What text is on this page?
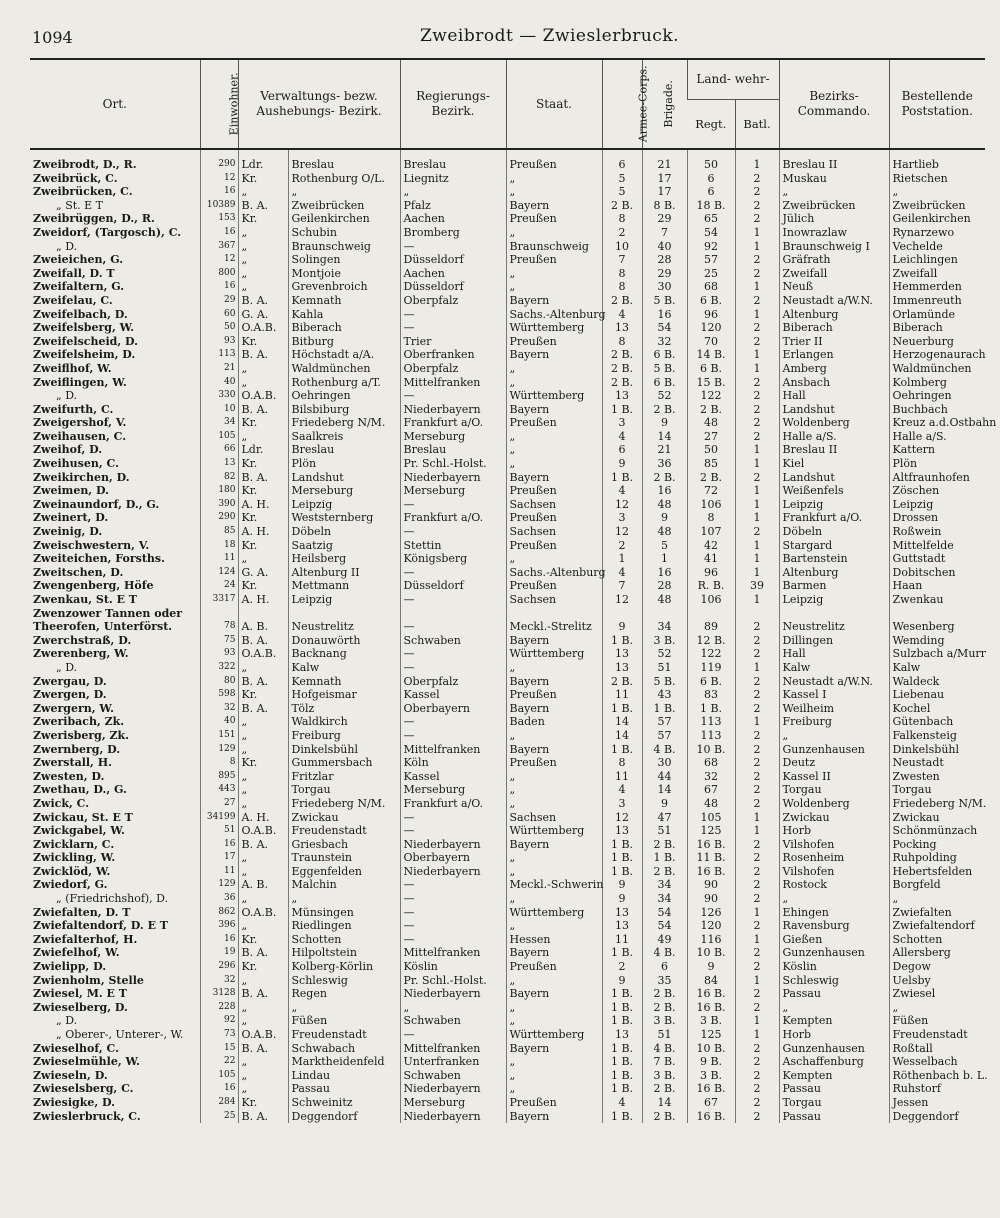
1094	Zweibrodt — Zwieslerbruck.
Ort.	Einwohner.	Verwaltungs- bezw. Aushebungs- Bezirk.		Regierungs- Bezirk.	Staat.	Armee-Corps.	Brigade.	Land- wehr-		Bezirks- Commando.	Bestellende Poststation.
								Regt.	Batl.		

Zweibrodt, D., R.	290	Ldr.	Breslau	Breslau	Preußen	6	21	50	1	Breslau II	Hartlieb
Zweibrück, C.	12	Kr.	Rothenburg O/L.	Liegnitz	„	5	17	6	2	Muskau	Rietschen
Zweibrücken, C.	16	„	„	„	„	5	17	6	2	„	„
„ St. E T	10389	B. A.	Zweibrücken	Pfalz	Bayern	2 B.	8 B.	18 B.	2	Zweibrücken	Zweibrücken
Zweibrüggen, D., R.	153	Kr.	Geilenkirchen	Aachen	Preußen	8	29	65	2	Jülich	Geilenkirchen
Zweidorf, (Targosch), C.	16	„	Schubin	Bromberg	„	2	7	54	1	Inowrazlaw	Rynarzewo
„ D.	367	„	Braunschweig	—	Braunschweig	10	40	92	1	Braunschweig I	Vechelde
Zweieichen, G.	12	„	Solingen	Düsseldorf	Preußen	7	28	57	2	Gräfrath	Leichlingen
Zweifall, D. T	800	„	Montjoie	Aachen	„	8	29	25	2	Zweifall	Zweifall
Zweifaltern, G.	16	„	Grevenbroich	Düsseldorf	„	8	30	68	1	Neuß	Hemmerden
Zweifelau, C.	29	B. A.	Kemnath	Oberpfalz	Bayern	2 B.	5 B.	6 B.	2	Neustadt a/W.N.	Immenreuth
Zweifelbach, D.	60	G. A.	Kahla	—	Sachs.-Altenburg	4	16	96	1	Altenburg	Orlamünde
Zweifelsberg, W.	50	O.A.B.	Biberach	—	Württemberg	13	54	120	2	Biberach	Biberach
Zweifelscheid, D.	93	Kr.	Bitburg	Trier	Preußen	8	32	70	2	Trier II	Neuerburg
Zweifelsheim, D.	113	B. A.	Höchstadt a/A.	Oberfranken	Bayern	2 B.	6 B.	14 B.	1	Erlangen	Herzogenaurach
Zweiflhof, W.	21	„	Waldmünchen	Oberpfalz	„	2 B.	5 B.	6 B.	1	Amberg	Waldmünchen
Zweiflingen, W.	40	„	Rothenburg a/T.	Mittelfranken	„	2 B.	6 B.	15 B.	2	Ansbach	Kolmberg
„ D.	330	O.A.B.	Oehringen	—	Württemberg	13	52	122	2	Hall	Oehringen
Zweifurth, C.	10	B. A.	Bilsbiburg	Niederbayern	Bayern	1 B.	2 B.	2 B.	2	Landshut	Buchbach
Zweigershof, V.	34	Kr.	Friedeberg N/M.	Frankfurt a/O.	Preußen	3	9	48	2	Woldenberg	Kreuz a.d.Ostbahn
Zweihausen, C.	105	„	Saalkreis	Merseburg	„	4	14	27	2	Halle a/S.	Halle a/S.
Zweihof, D.	66	Ldr.	Breslau	Breslau	„	6	21	50	1	Breslau II	Kattern
Zweihusen, C.	13	Kr.	Plön	Pr. Schl.-Holst.	„	9	36	85	1	Kiel	Plön
Zweikirchen, D.	82	B. A.	Landshut	Niederbayern	Bayern	1 B.	2 B.	2 B.	2	Landshut	Altfraunhofen
Zweimen, D.	180	Kr.	Merseburg	Merseburg	Preußen	4	16	72	1	Weißenfels	Zöschen
Zweinaundorf, D., G.	390	A. H.	Leipzig	—	Sachsen	12	48	106	1	Leipzig	Leipzig
Zweinert, D.	290	Kr.	Weststernberg	Frankfurt a/O.	Preußen	3	9	8	1	Frankfurt a/O.	Drossen
Zweinig, D.	85	A. H.	Döbeln	—	Sachsen	12	48	107	2	Döbeln	Roßwein
Zweischwestern, V.	18	Kr.	Saatzig	Stettin	Preußen	2	5	42	1	Stargard	Mittelfelde
Zweiteichen, Forsths.	11	„	Heilsberg	Königsberg	„	1	1	41	1	Bartenstein	Guttstadt
Zweitschen, D.	124	G. A.	Altenburg II	—	Sachs.-Altenburg	4	16	96	1	Altenburg	Dobitschen
Zwengenberg, Höfe	24	Kr.	Mettmann	Düsseldorf	Preußen	7	28	R. B.	39	Barmen	Haan
Zwenkau, St. E T	3317	A. H.	Leipzig	—	Sachsen	12	48	106	1	Leipzig	Zwenkau
Zwenzower Tannen oder											
Theerofen, Unterförst.	78	A. B.	Neustrelitz	—	Meckl.-Strelitz	9	34	89	2	Neustrelitz	Wesenberg
Zwerchstraß, D.	75	B. A.	Donauwörth	Schwaben	Bayern	1 B.	3 B.	12 B.	2	Dillingen	Wemding
Zwerenberg, W.	93	O.A.B.	Backnang	—	Württemberg	13	52	122	2	Hall	Sulzbach a/Murr
„ D.	322	„	Kalw	—	„	13	51	119	1	Kalw	Kalw
Zwergau, D.	80	B. A.	Kemnath	Oberpfalz	Bayern	2 B.	5 B.	6 B.	2	Neustadt a/W.N.	Waldeck
Zwergen, D.	598	Kr.	Hofgeismar	Kassel	Preußen	11	43	83	2	Kassel I	Liebenau
Zwergern, W.	32	B. A.	Tölz	Oberbayern	Bayern	1 B.	1 B.	1 B.	2	Weilheim	Kochel
Zweribach, Zk.	40	„	Waldkirch	—	Baden	14	57	113	1	Freiburg	Gütenbach
Zwerisberg, Zk.	151	„	Freiburg	—	„	14	57	113	2	„	Falkensteig
Zwernberg, D.	129	„	Dinkelsbühl	Mittelfranken	Bayern	1 B.	4 B.	10 B.	2	Gunzenhausen	Dinkelsbühl
Zwerstall, H.	8	Kr.	Gummersbach	Köln	Preußen	8	30	68	2	Deutz	Neustadt
Zwesten, D.	895	„	Fritzlar	Kassel	„	11	44	32	2	Kassel II	Zwesten
Zwethau, D., G.	443	„	Torgau	Merseburg	„	4	14	67	2	Torgau	Torgau
Zwick, C.	27	„	Friedeberg N/M.	Frankfurt a/O.	„	3	9	48	2	Woldenberg	Friedeberg N/M.
Zwickau, St. E T	34199	A. H.	Zwickau	—	Sachsen	12	47	105	1	Zwickau	Zwickau
Zwickgabel, W.	51	O.A.B.	Freudenstadt	—	Württemberg	13	51	125	1	Horb	Schönmünzach
Zwicklarn, C.	16	B. A.	Griesbach	Niederbayern	Bayern	1 B.	2 B.	16 B.	2	Vilshofen	Pocking
Zwickling, W.	17	„	Traunstein	Oberbayern	„	1 B.	1 B.	11 B.	2	Rosenheim	Ruhpolding
Zwicklöd, W.	11	„	Eggenfelden	Niederbayern	„	1 B.	2 B.	16 B.	2	Vilshofen	Hebertsfelden
Zwiedorf, G.	129	A. B.	Malchin	—	Meckl.-Schwerin	9	34	90	2	Rostock	Borgfeld
„ (Friedrichshof), D.	36	„	„	—	„	9	34	90	2	„	„
Zwiefalten, D. T	862	O.A.B.	Münsingen	—	Württemberg	13	54	126	1	Ehingen	Zwiefalten
Zwiefaltendorf, D. E T	396	„	Riedlingen	—	„	13	54	120	2	Ravensburg	Zwiefaltendorf
Zwiefalterhof, H.	16	Kr.	Schotten	—	Hessen	11	49	116	1	Gießen	Schotten
Zwiefelhof, W.	19	B. A.	Hilpoltstein	Mittelfranken	Bayern	1 B.	4 B.	10 B.	2	Gunzenhausen	Allersberg
Zwielipp, D.	296	Kr.	Kolberg-Körlin	Köslin	Preußen	2	6	9	2	Köslin	Degow
Zwienholm, Stelle	32	„	Schleswig	Pr. Schl.-Holst.	„	9	35	84	1	Schleswig	Uelsby
Zwiesel, M. E T	3128	B. A.	Regen	Niederbayern	Bayern	1 B.	2 B.	16 B.	2	Passau	Zwiesel
Zwieselberg, D.	228	„	„	„	„	1 B.	2 B.	16 B.	2	„	„
„ D.	92	„	Füßen	Schwaben	„	1 B.	3 B.	3 B.	1	Kempten	Füßen
„ Oberer-, Unterer-, W.	73	O.A.B.	Freudenstadt	—	Württemberg	13	51	125	1	Horb	Freudenstadt
Zwieselhof, C.	15	B. A.	Schwabach	Mittelfranken	Bayern	1 B.	4 B.	10 B.	2	Gunzenhausen	Roßtall
Zwieselmühle, W.	22	„	Marktheidenfeld	Unterfranken	„	1 B.	7 B.	9 B.	2	Aschaffenburg	Wesselbach
Zwieseln, D.	105	„	Lindau	Schwaben	„	1 B.	3 B.	3 B.	2	Kempten	Röthenbach b. L.
Zwieselsberg, C.	16	„	Passau	Niederbayern	„	1 B.	2 B.	16 B.	2	Passau	Ruhstorf
Zwiesigke, D.	284	Kr.	Schweinitz	Merseburg	Preußen	4	14	67	2	Torgau	Jessen
Zwieslerbruck, C.	25	B. A.	Deggendorf	Niederbayern	Bayern	1 B.	2 B.	16 B.	2	Passau	Deggendorf
